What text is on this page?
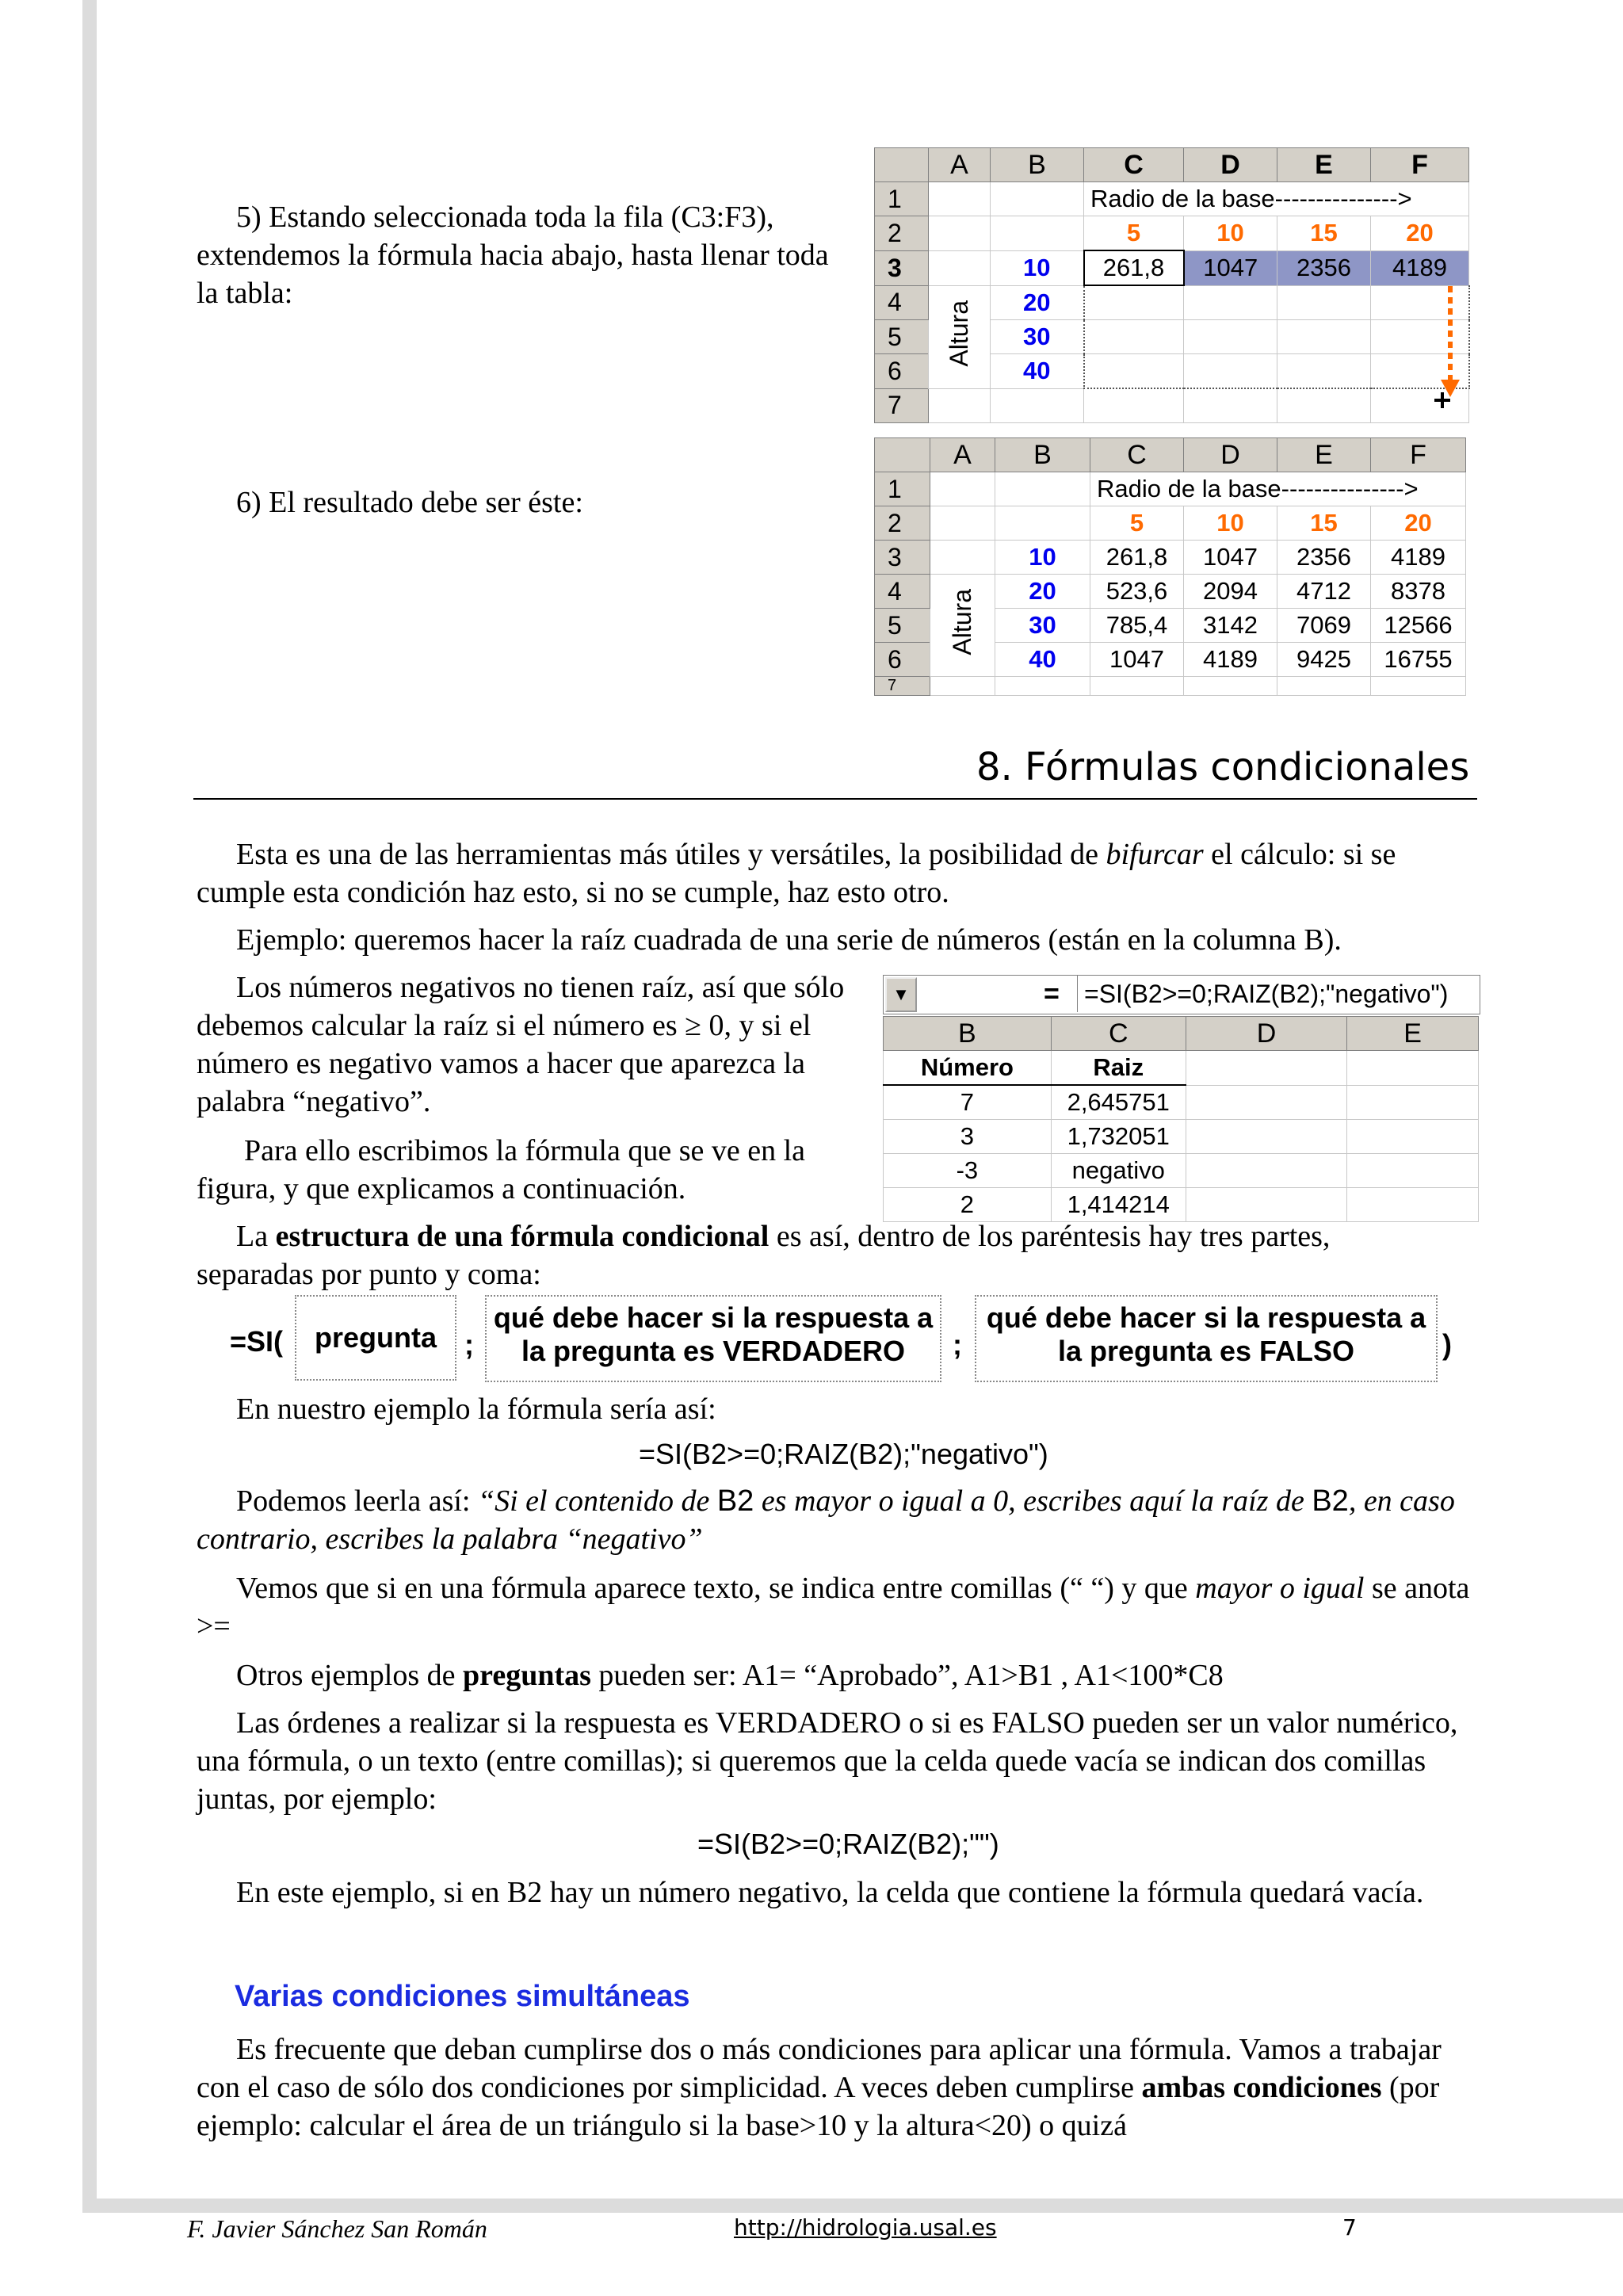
5) Estando seleccionada toda la fila (C3:F3), extendemos la fórmula hacia abajo, hasta llenar toda la tabla:

	A	B	C	D	E	F
1			Radio de la base--------------->			
2			5	10	15	20
3		10	261,8	1047	2356	4189
4	Altura	20				
5		30				
6		40				
7						

6) El resultado debe ser éste:

	A	B	C	D	E	F
1			Radio de la base--------------->			
2			5	10	15	20
3		10	261,8	1047	2356	4189
4	Altura	20	523,6	2094	4712	8378
5		30	785,4	3142	7069	12566
6		40	1047	4189	9425	16755
7						
8. Fórmulas condicionales

Esta es una de las herramientas más útiles y versátiles, la posibilidad de bifurcar el cálculo: si se cumple esta condición haz esto, si no se cumple, haz esto otro.

Ejemplo: queremos hacer la raíz cuadrada de una serie de números (están en la columna B).

Los números negativos no tienen raíz, así que sólo debemos calcular la raíz si el número es ≥ 0, y si el número es negativo vamos a hacer que aparezca la palabra “negativo”.

Para ello escribimos la fórmula que se ve en la figura, y que explicamos a continuación.

▼	= =SI(B2>=0;RAIZ(B2);"negativo")
B	C	D	E
Número	Raiz		
7	2,645751		
3	1,732051		
-3	negativo		
2	1,414214		

La estructura de una fórmula condicional es así, dentro de los paréntesis hay tres partes, separadas por punto y coma:

=SI(	pregunta ;
qué debe hacer si la respuesta a la pregunta es VERDADERO	;
qué debe hacer si la respuesta a la pregunta es FALSO	)

En nuestro ejemplo la fórmula sería así:

=SI(B2>=0;RAIZ(B2);"negativo")

Podemos leerla así: “Si el contenido de B2 es mayor o igual a 0, escribes aquí la raíz de B2, en caso contrario, escribes la palabra “negativo”

Vemos que si en una fórmula aparece texto, se indica entre comillas (“ “) y que mayor o igual se anota >=

Otros ejemplos de preguntas pueden ser: A1= “Aprobado”, A1>B1 , A1<100*C8

Las órdenes a realizar si la respuesta es VERDADERO o si es FALSO pueden ser un valor numérico, una fórmula, o un texto (entre comillas); si queremos que la celda quede vacía se indican dos comillas juntas, por ejemplo:

=SI(B2>=0;RAIZ(B2);"")

En este ejemplo, si en B2 hay un número negativo, la celda que contiene la fórmula quedará vacía.

Varias condiciones simultáneas

Es frecuente que deban cumplirse dos o más condiciones para aplicar una fórmula. Vamos a trabajar con el caso de sólo dos condiciones por simplicidad. A veces deben cumplirse ambas condiciones (por ejemplo: calcular el área de un triángulo si la base>10 y la altura<20) o quizá

F. Javier Sánchez San Román	http://hidrologia.usal.es	7
